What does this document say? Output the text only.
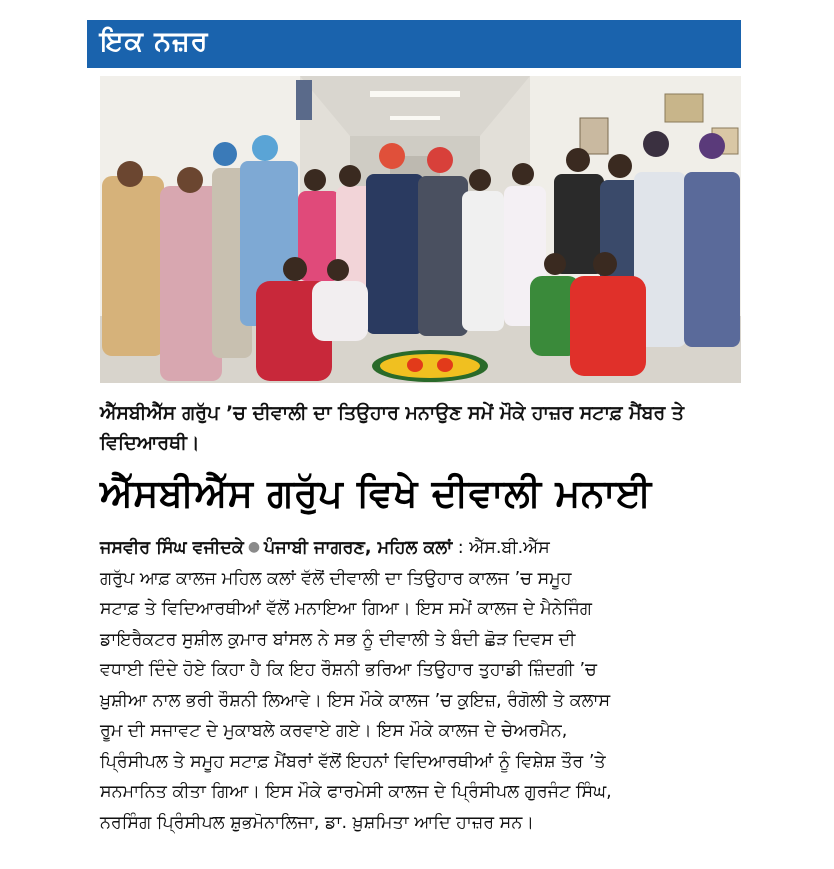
ਇਕ ਨਜ਼ਰ
ਐੱਸਬੀਐੱਸ ਗਰੁੱਪ ’ਚ ਦੀਵਾਲੀ ਦਾ ਤਿਉਹਾਰ ਮਨਾਉਣ ਸਮੇਂ ਮੌਕੇ ਹਾਜ਼ਰ ਸਟਾਫ਼ ਮੈਂਬਰ ਤੇ ਵਿਦਿਆਰਥੀ।
ਐੱਸਬੀਐੱਸ ਗਰੁੱਪ ਵਿਖੇ ਦੀਵਾਲੀ ਮਨਾਈ
ਜਸਵੀਰ ਸਿੰਘ ਵਜੀਦਕੇ ● ਪੰਜਾਬੀ ਜਾਗਰਣ, ਮਹਿਲ ਕਲਾਂ : ਐੱਸ.ਬੀ.ਐੱਸ
ਗਰੁੱਪ ਆਫ਼ ਕਾਲਜ ਮਹਿਲ ਕਲਾਂ ਵੱਲੋਂ ਦੀਵਾਲੀ ਦਾ ਤਿਉਹਾਰ ਕਾਲਜ ’ਚ ਸਮੂਹ
ਸਟਾਫ਼ ਤੇ ਵਿਦਿਆਰਥੀਆਂ ਵੱਲੋਂ ਮਨਾਇਆ ਗਿਆ। ਇਸ ਸਮੇਂ ਕਾਲਜ ਦੇ ਮੈਨੇਜਿੰਗ
ਡਾਇਰੈਕਟਰ ਸੁਸ਼ੀਲ ਕੁਮਾਰ ਬਾਂਸਲ ਨੇ ਸਭ ਨੂੰ ਦੀਵਾਲੀ ਤੇ ਬੰਦੀ ਛੋੜ ਦਿਵਸ ਦੀ
ਵਧਾਈ ਦਿੰਦੇ ਹੋਏ ਕਿਹਾ ਹੈ ਕਿ ਇਹ ਰੌਸ਼ਨੀ ਭਰਿਆ ਤਿਉਹਾਰ ਤੁਹਾਡੀ ਜ਼ਿੰਦਗੀ ’ਚ
ਖ਼ੁਸ਼ੀਆ ਨਾਲ ਭਰੀ ਰੌਸ਼ਨੀ ਲਿਆਵੇ। ਇਸ ਮੌਕੇ ਕਾਲਜ ’ਚ ਕੁਇਜ਼, ਰੰਗੋਲੀ ਤੇ ਕਲਾਸ
ਰੂਮ ਦੀ ਸਜਾਵਟ ਦੇ ਮੁਕਾਬਲੇ ਕਰਵਾਏ ਗਏ। ਇਸ ਮੌਕੇ ਕਾਲਜ ਦੇ ਚੇਅਰਮੈਨ,
ਪ੍ਰਿੰਸੀਪਲ ਤੇ ਸਮੂਹ ਸਟਾਫ਼ ਮੈਂਬਰਾਂ ਵੱਲੋਂ ਇਹਨਾਂ ਵਿਦਿਆਰਥੀਆਂ ਨੂੰ ਵਿਸ਼ੇਸ਼ ਤੌਰ ’ਤੇ
ਸਨਮਾਨਿਤ ਕੀਤਾ ਗਿਆ। ਇਸ ਮੌਕੇ ਫਾਰਮੇਸੀ ਕਾਲਜ ਦੇ ਪ੍ਰਿੰਸੀਪਲ ਗੁਰਜੰਟ ਸਿੰਘ,
ਨਰਸਿੰਗ ਪ੍ਰਿੰਸੀਪਲ ਸ਼ੁਭਮੋਨਾਲਿਜਾ, ਡਾ. ਖ਼ੁਸ਼ਮਿਤਾ ਆਦਿ ਹਾਜ਼ਰ ਸਨ।
